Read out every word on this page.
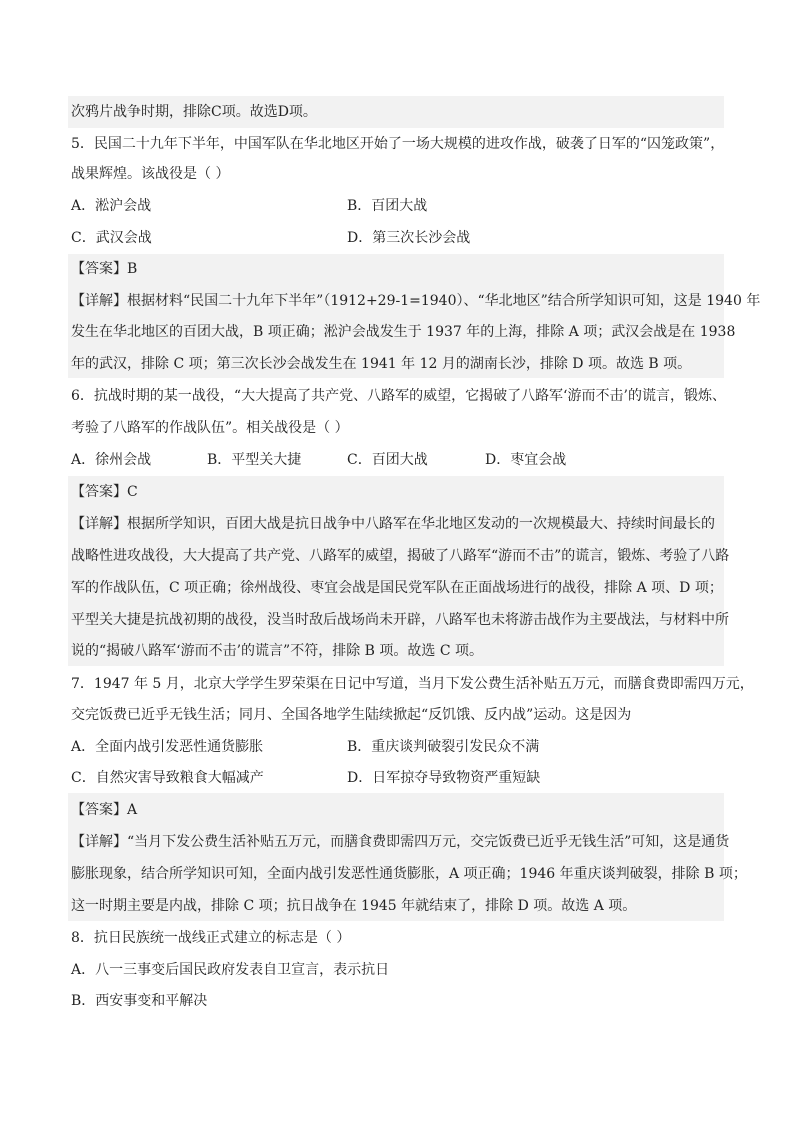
次鸦片战争时期，排除C项。故选D项。
5．民国二十九年下半年，中国军队在华北地区开始了一场大规模的进攻作战，破袭了日军的“囚笼政策”，
战果辉煌。该战役是（ ）
A．淞沪会战	B．百团大战
C．武汉会战	D．第三次长沙会战
【答案】B
【详解】根据材料“民国二十九年下半年”（1912+29-1=1940）、“华北地区”结合所学知识可知，这是 1940 年
发生在华北地区的百团大战，B 项正确；淞沪会战发生于 1937 年的上海，排除 A 项；武汉会战是在 1938
年的武汉，排除 C 项；第三次长沙会战发生在 1941 年 12 月的湖南长沙，排除 D 项。故选 B 项。
6．抗战时期的某一战役，“大大提高了共产党、八路军的威望，它揭破了八路军‘游而不击’的谎言，锻炼、
考验了八路军的作战队伍”。相关战役是（ ）
A．徐州会战	B．平型关大捷	C．百团大战	D．枣宜会战
【答案】C
【详解】根据所学知识，百团大战是抗日战争中八路军在华北地区发动的一次规模最大、持续时间最长的
战略性进攻战役，大大提高了共产党、八路军的威望，揭破了八路军“游而不击”的谎言，锻炼、考验了八路
军的作战队伍，C 项正确；徐州战役、枣宜会战是国民党军队在正面战场进行的战役，排除 A 项、D 项；
平型关大捷是抗战初期的战役，没当时敌后战场尚未开辟，八路军也未将游击战作为主要战法，与材料中所
说的“揭破八路军‘游而不击’的谎言”不符，排除 B 项。故选 C 项。
7．1947 年 5 月，北京大学学生罗荣渠在日记中写道，当月下发公费生活补贴五万元，而膳食费即需四万元，
交完饭费已近乎无钱生活；同月、全国各地学生陆续掀起“反饥饿、反内战”运动。这是因为
A．全面内战引发恶性通货膨胀	B．重庆谈判破裂引发民众不满
C．自然灾害导致粮食大幅减产	D．日军掠夺导致物资严重短缺
【答案】A
【详解】“当月下发公费生活补贴五万元，而膳食费即需四万元，交完饭费已近乎无钱生活”可知，这是通货
膨胀现象，结合所学知识可知，全面内战引发恶性通货膨胀，A 项正确；1946 年重庆谈判破裂，排除 B 项；
这一时期主要是内战，排除 C 项；抗日战争在 1945 年就结束了，排除 D 项。故选 A 项。
8．抗日民族统一战线正式建立的标志是（ ）
A．八一三事变后国民政府发表自卫宣言，表示抗日
B．西安事变和平解决
